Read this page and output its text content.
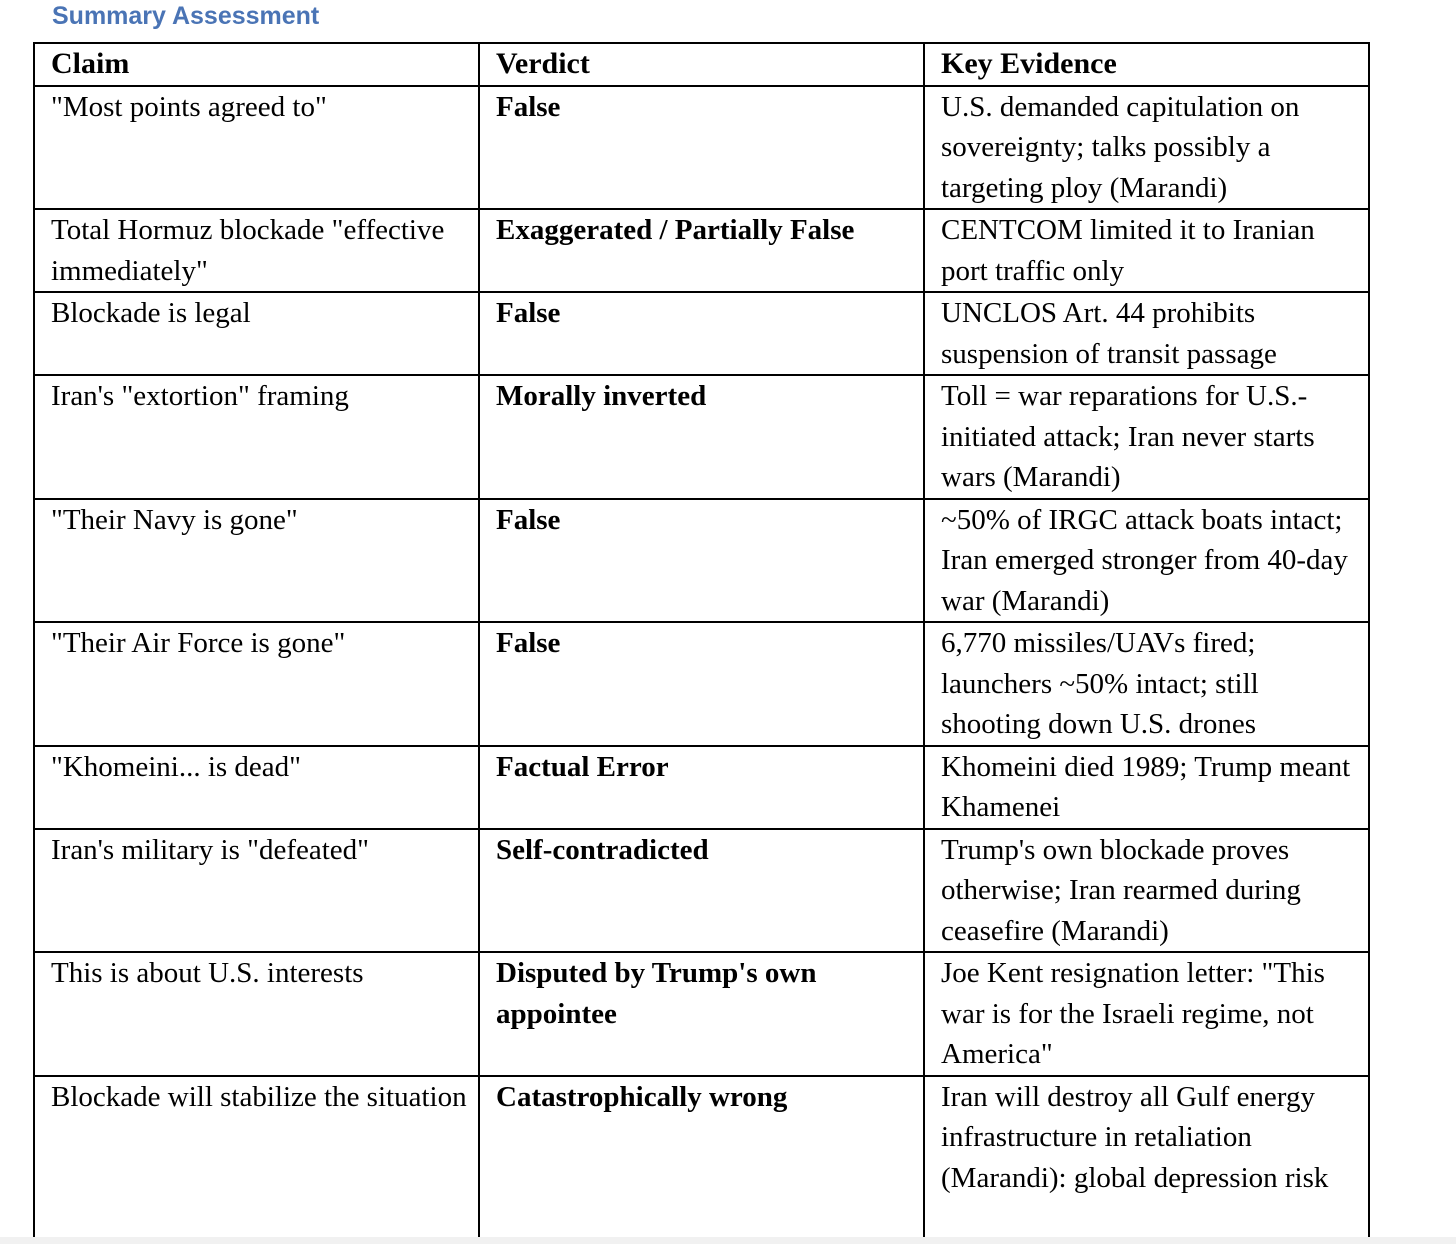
Summary Assessment
Claim	Verdict	Key Evidence
"Most points agreed to"	False	U.S. demanded capitulation on sovereignty; talks possibly a targeting ploy (Marandi)
Total Hormuz blockade "effective immediately"	Exaggerated / Partially False	CENTCOM limited it to Iranian port traffic only
Blockade is legal	False	UNCLOS Art. 44 prohibits suspension of transit passage
Iran's "extortion" framing	Morally inverted	Toll = war reparations for U.S.-initiated attack; Iran never starts wars (Marandi)
"Their Navy is gone"	False	~50% of IRGC attack boats intact; Iran emerged stronger from 40-day war (Marandi)
"Their Air Force is gone"	False	6,770 missiles/UAVs fired; launchers ~50% intact; still shooting down U.S. drones
"Khomeini... is dead"	Factual Error	Khomeini died 1989; Trump meant Khamenei
Iran's military is "defeated"	Self-contradicted	Trump's own blockade proves otherwise; Iran rearmed during ceasefire (Marandi)
This is about U.S. interests	Disputed by Trump's own appointee	Joe Kent resignation letter: "This war is for the Israeli regime, not America"
Blockade will stabilize the situation	Catastrophically wrong	Iran will destroy all Gulf energy infrastructure in retaliation (Marandi): global depression risk
